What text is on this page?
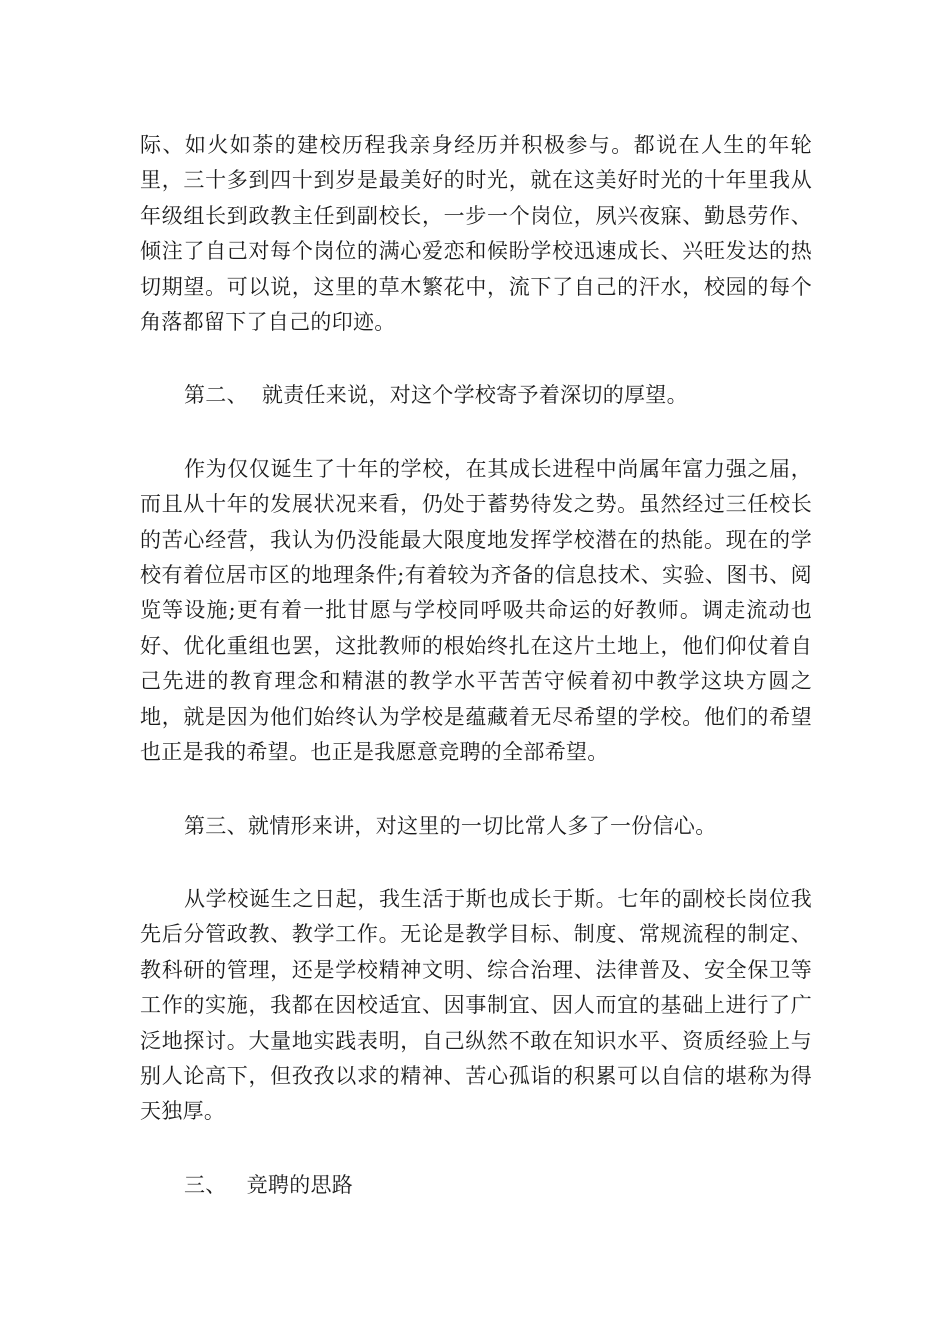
际、如火如荼的建校历程我亲身经历并积极参与。都说在人生的年轮里，三十多到四十到岁是最美好的时光，就在这美好时光的十年里我从年级组长到政教主任到副校长，一步一个岗位，夙兴夜寐、勤恳劳作、倾注了自己对每个岗位的满心爱恋和候盼学校迅速成长、兴旺发达的热切期望。可以说，这里的草木繁花中，流下了自己的汗水，校园的每个角落都留下了自己的印迹。

第二、 就责任来说，对这个学校寄予着深切的厚望。

作为仅仅诞生了十年的学校，在其成长进程中尚属年富力强之届，而且从十年的发展状况来看，仍处于蓄势待发之势。虽然经过三任校长的苦心经营，我认为仍没能最大限度地发挥学校潜在的热能。现在的学校有着位居市区的地理条件;有着较为齐备的信息技术、实验、图书、阅览等设施;更有着一批甘愿与学校同呼吸共命运的好教师。调走流动也好、优化重组也罢，这批教师的根始终扎在这片土地上，他们仰仗着自己先进的教育理念和精湛的教学水平苦苦守候着初中教学这块方圆之地，就是因为他们始终认为学校是蕴藏着无尽希望的学校。他们的希望也正是我的希望。也正是我愿意竞聘的全部希望。

第三、就情形来讲，对这里的一切比常人多了一份信心。

从学校诞生之日起，我生活于斯也成长于斯。七年的副校长岗位我先后分管政教、教学工作。无论是教学目标、制度、常规流程的制定、教科研的管理，还是学校精神文明、综合治理、法律普及、安全保卫等工作的实施，我都在因校适宜、因事制宜、因人而宜的基础上进行了广泛地探讨。大量地实践表明，自己纵然不敢在知识水平、资质经验上与别人论高下，但孜孜以求的精神、苦心孤诣的积累可以自信的堪称为得天独厚。

三、 竞聘的思路
